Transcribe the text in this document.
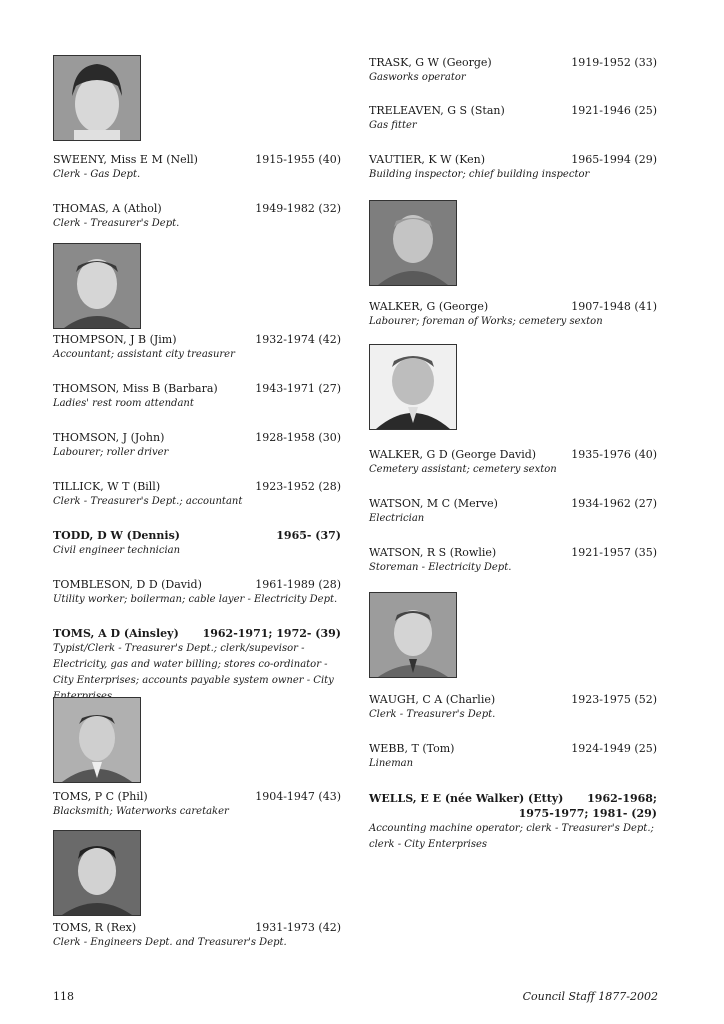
SWEENY, Miss E M (Nell)	1915-1955 (40)
Clerk - Gas Dept.
THOMAS, A (Athol)	1949-1982 (32)
Clerk - Treasurer's Dept.
THOMPSON, J B (Jim)	1932-1974 (42)
Accountant; assistant city treasurer
THOMSON, Miss B (Barbara)	1943-1971 (27)
Ladies' rest room attendant
THOMSON, J (John)	1928-1958 (30)
Labourer; roller driver
TILLICK, W T (Bill)	1923-1952 (28)
Clerk - Treasurer's Dept.; accountant
TODD, D W (Dennis)	1965- (37)
Civil engineer technician
TOMBLESON, D D (David)	1961-1989 (28)
Utility worker; boilerman; cable layer - Electricity Dept.
TOMS, A D (Ainsley) 1962-1971; 1972- (39)
Typist/Clerk - Treasurer's Dept.; clerk/supevisor - Electricity, gas and water billing; stores co-ordinator - City Enterprises; accounts payable system owner - City
TOMS, P C (Phil)	1904-1947 (43)
Blacksmith; Waterworks caretaker
TOMS, R (Rex)	1931-1973 (42)
Clerk - Engineers Dept. and Treasurer's Dept.
TRASK, G W (George)	1919-1952 (33)
Gasworks operator
TRELEAVEN, G S (Stan)	1921-1946 (25)
Gas fitter
VAUTIER, K W (Ken)	1965-1994 (29)
Building inspector; chief building inspector
WALKER, G (George)	1907-1948 (41)
Labourer; foreman of Works; cemetery sexton
WALKER, G D (George David)	1935-1976 (40)
Cemetery assistant; cemetery sexton
WATSON, M C (Merve)	1934-1962 (27)
Electrician
WATSON, R S (Rowlie)	1921-1957 (35)
Storeman - Electricity Dept.
WAUGH, C A (Charlie)	1923-1975 (52)
Clerk - Treasurer's Dept.
WEBB, T (Tom)	1924-1949 (25)
Lineman
WELLS, E E (née Walker) (Etty) 1962-1968;
1975-1977; 1981- (29)
Accounting machine operator; clerk - Treasurer's Dept.; clerk - City Enterprises
118	Council Staff 1877-2002
